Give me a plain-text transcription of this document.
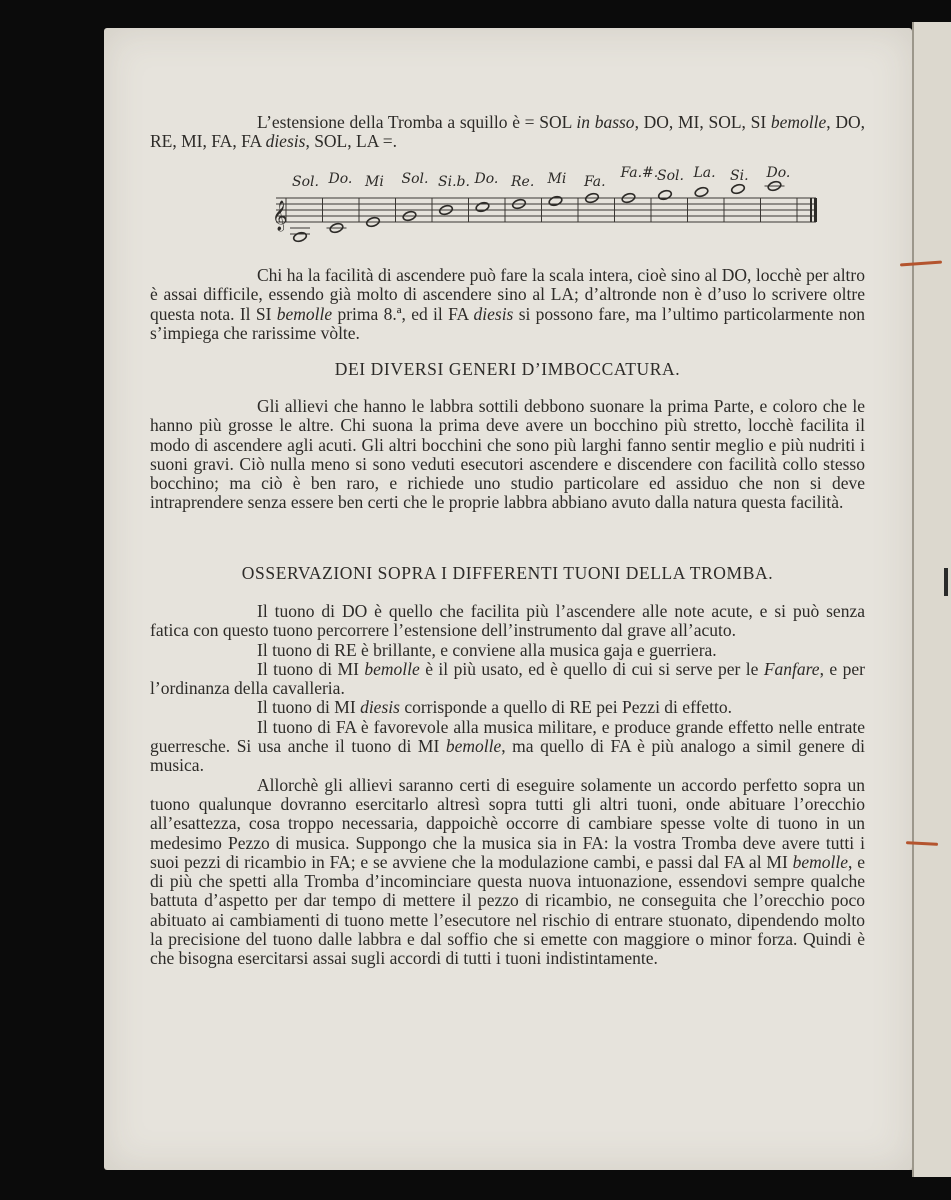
L’estensione della Tromba a squillo è = SOL in basso, DO, MI, SOL, SI bemolle, DO, RE, MI, FA, FA diesis, SOL, LA =.

𝄞
Sol. Do. Mi Sol. Si.b. Do. Re. Mi Fa.
Fa.#.
Sol. La. Si. Do.

Chi ha la facilità di ascendere può fare la scala intera, cioè sino al DO, locchè per altro è assai difficile, essendo già molto di ascendere sino al LA; d’altronde non è d’uso lo scrivere oltre questa nota. Il SI bemolle prima 8.ª, ed il FA diesis si possono fare, ma l’ultimo particolarmente non s’impiega che rarissime vòlte.

DEI DIVERSI GENERI D’IMBOCCATURA.

Gli allievi che hanno le labbra sottili debbono suonare la prima Parte, e coloro che le hanno più grosse le altre. Chi suona la prima deve avere un bocchino più stretto, locchè facilita il modo di ascendere agli acuti. Gli altri bocchini che sono più larghi fanno sentir meglio e più nudriti i suoni gravi. Ciò nulla meno si sono veduti esecutori ascendere e discendere con facilità collo stesso bocchino; ma ciò è ben raro, e richiede uno studio particolare ed assiduo che non si deve intraprendere senza essere ben certi che le proprie labbra abbiano avuto dalla natura questa facilità.

OSSERVAZIONI SOPRA I DIFFERENTI TUONI DELLA TROMBA.

Il tuono di DO è quello che facilita più l’ascendere alle note acute, e si può senza fatica con questo tuono percorrere l’estensione dell’instrumento dal grave all’acuto.

Il tuono di RE è brillante, e conviene alla musica gaja e guerriera.

Il tuono di MI bemolle è il più usato, ed è quello di cui si serve per le Fanfare, e per l’ordinanza della cavalleria.

Il tuono di MI diesis corrisponde a quello di RE pei Pezzi di effetto.

Il tuono di FA è favorevole alla musica militare, e produce grande effetto nelle entrate guerresche. Si usa anche il tuono di MI bemolle, ma quello di FA è più analogo a simil genere di musica.

Allorchè gli allievi saranno certi di eseguire solamente un accordo perfetto sopra un tuono qualunque dovranno esercitarlo altresì sopra tutti gli altri tuoni, onde abituare l’orecchio all’esattezza, cosa troppo necessaria, dappoichè occorre di cambiare spesse volte di tuono in un medesimo Pezzo di musica. Suppongo che la musica sia in FA: la vostra Tromba deve avere tutti i suoi pezzi di ricambio in FA; e se avviene che la modulazione cambi, e passi dal FA al MI bemolle, e di più che spetti alla Tromba d’incominciare questa nuova intuonazione, essendovi sempre qualche battuta d’aspetto per dar tempo di mettere il pezzo di ricambio, ne conseguita che l’orecchio poco abituato ai cambiamenti di tuono mette l’esecutore nel rischio di entrare stuonato, dipendendo molto la precisione del tuono dalle labbra e dal soffio che si emette con maggiore o minor forza. Quindi è che bisogna esercitarsi assai sugli accordi di tutti i tuoni indistintamente.
